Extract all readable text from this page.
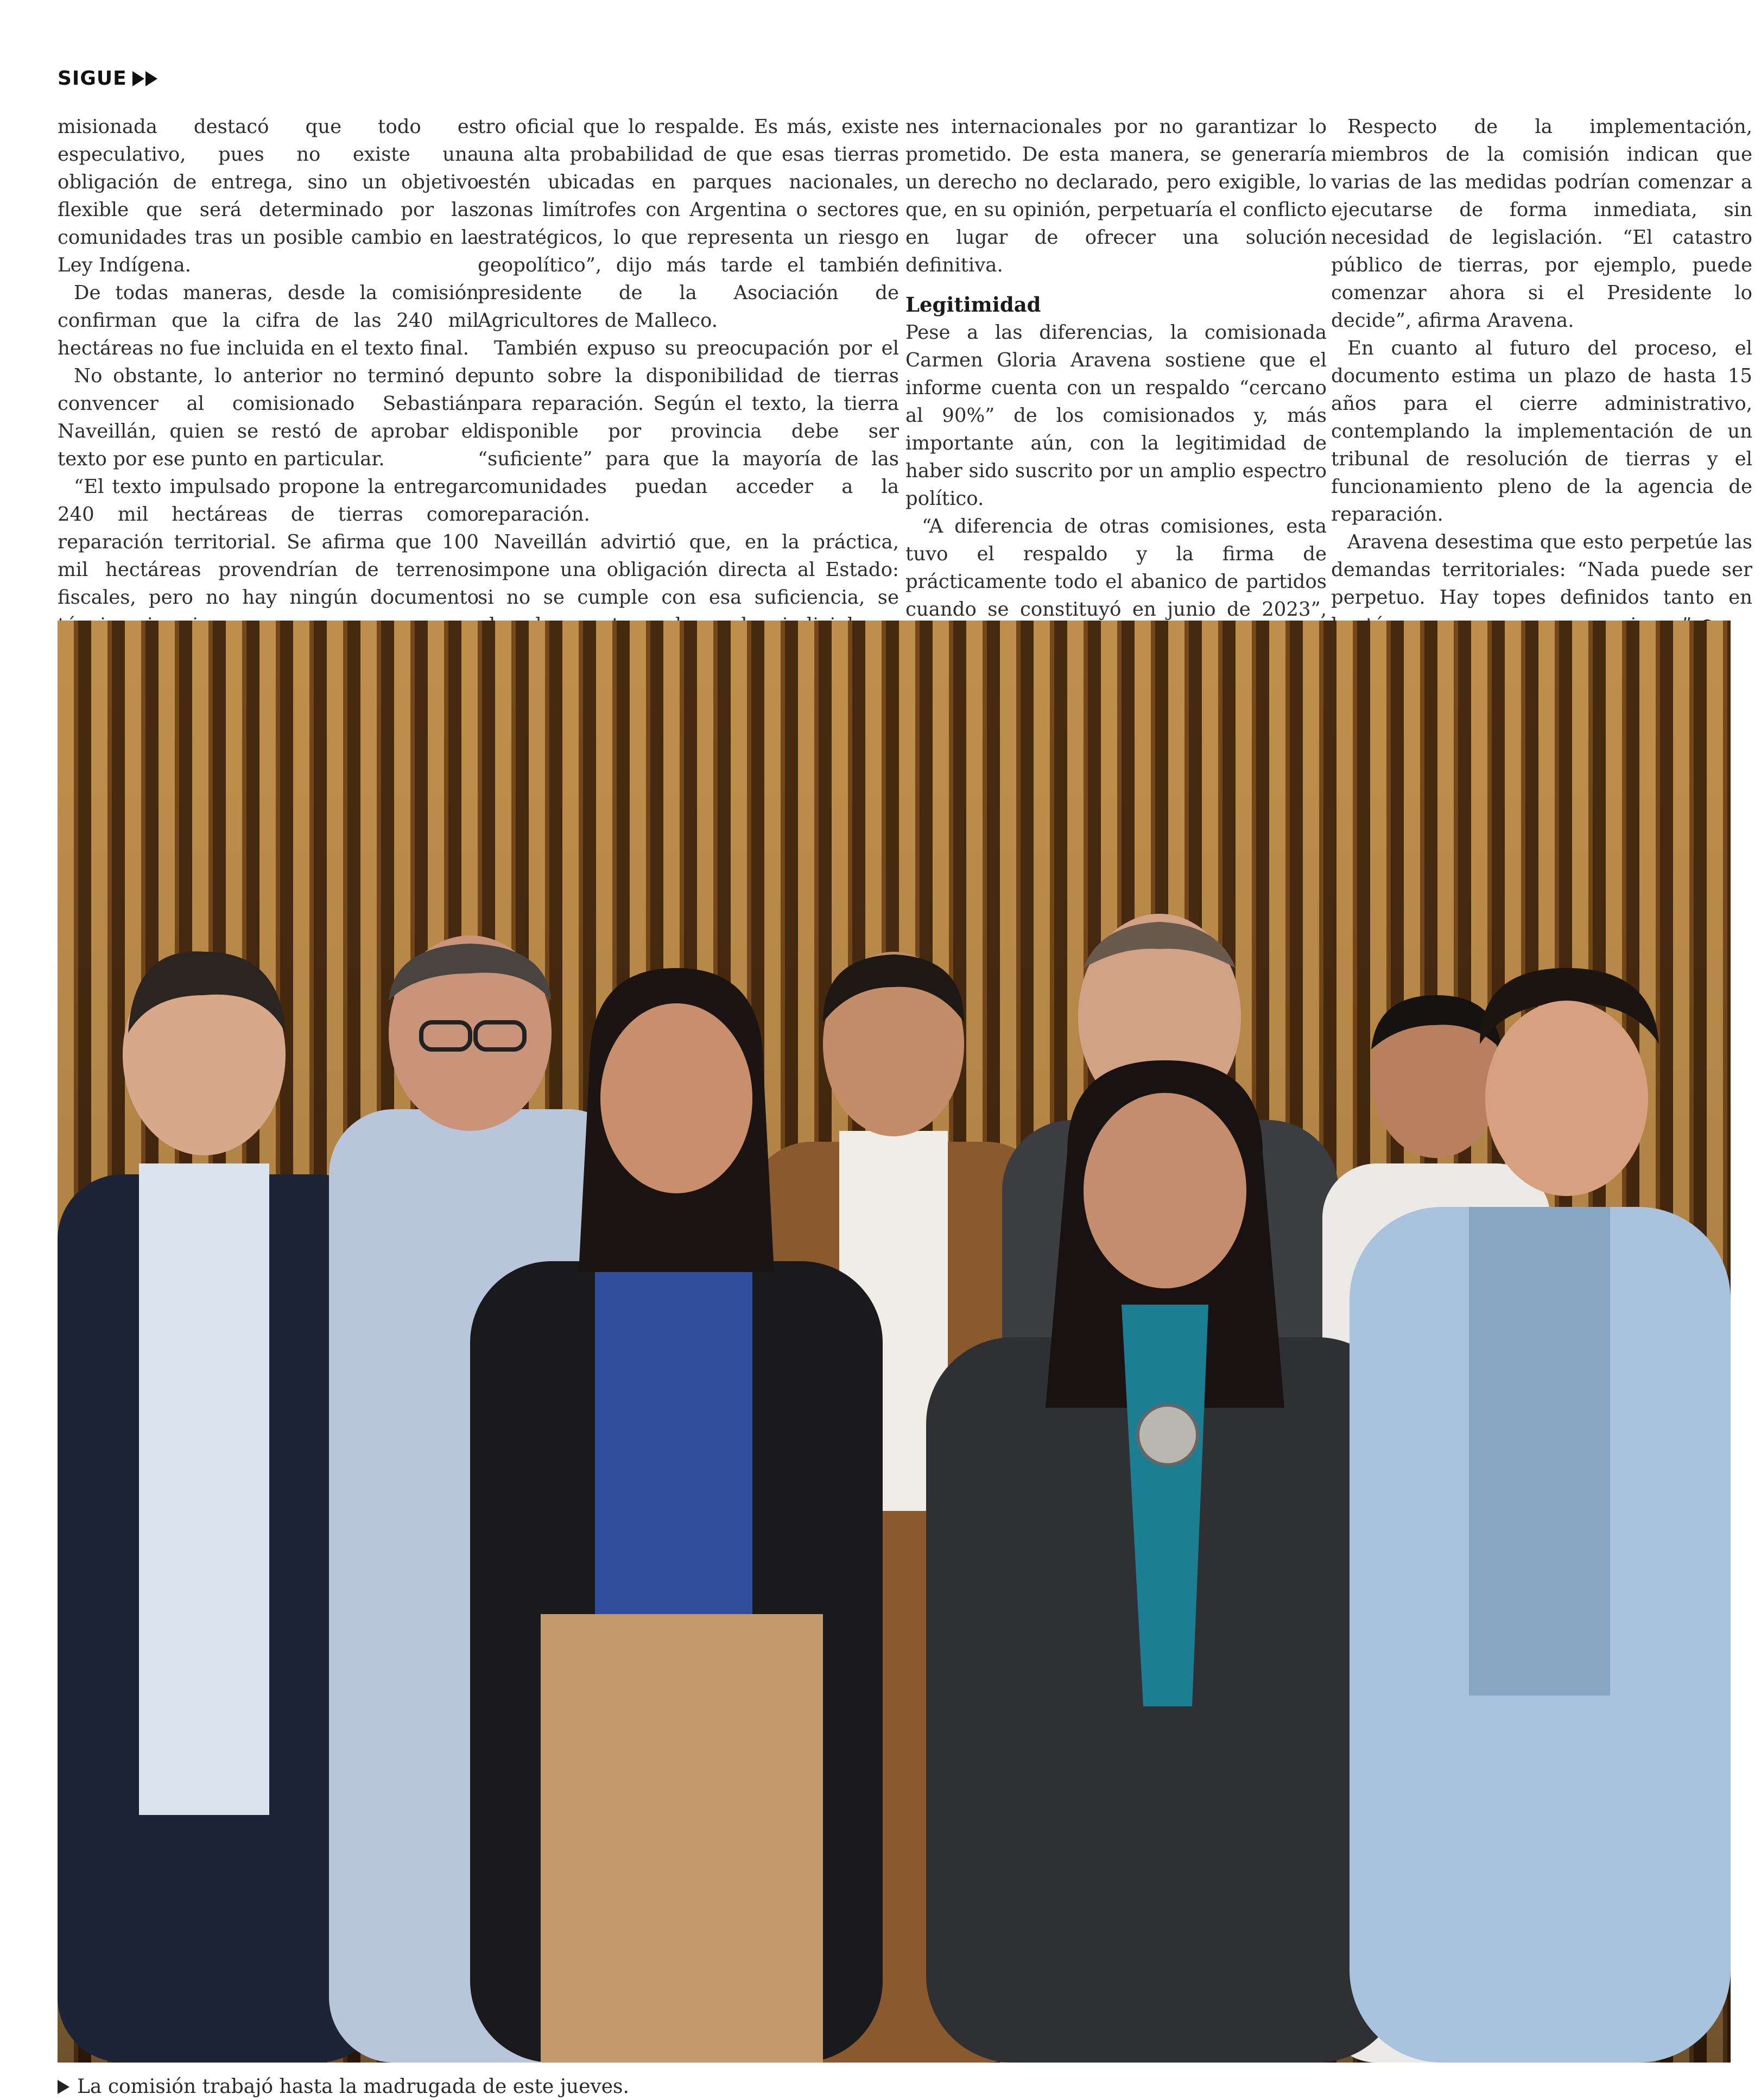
SIGUE

misionada destacó que todo es especulativo, pues no existe una obligación de entrega, sino un objetivo flexible que será determinado por las comunidades tras un posible cambio en la Ley Indígena.

De todas maneras, desde la comisión confirman que la cifra de las 240 mil hectáreas no fue incluida en el texto final.

No obstante, lo anterior no terminó de convencer al comisionado Sebastián Naveillán, quien se restó de aprobar el texto por ese punto en particular.

“El texto impulsado propone la entregar 240 mil hectáreas de tierras como reparación territorial. Se afirma que 100 mil hectáreas provendrían de terrenos fiscales, pero no hay ningún documento

tro oficial que lo respalde. Es más, existe una alta probabilidad de que esas tierras estén ubicadas en parques nacionales, zonas limítrofes con Argentina o sectores estratégicos, lo que representa un riesgo geopolítico”, dijo más tarde el también presidente de la Asociación de Agricultores de Malleco.

También expuso su preocupación por el punto sobre la disponibilidad de tierras para reparación. Según el texto, la tierra disponible por provincia debe ser “suficiente” para que la mayoría de las comunidades puedan acceder a la reparación.

Naveillán advirtió que, en la práctica, impone una obligación directa al Estado: si no se cumple con esa suficiencia, se

nes internacionales por no garantizar lo prometido. De esta manera, se generaría un derecho no declarado, pero exigible, lo que, en su opinión, perpetuaría el conflicto en lugar de ofrecer una solución definitiva.

Legitimidad

Pese a las diferencias, la comisionada Carmen Gloria Aravena sostiene que el informe cuenta con un respaldo “cercano al 90%” de los comisionados y, más importante aún, con la legitimidad de haber sido suscrito por un amplio espectro político.

“A diferencia de otras comisiones, esta tuvo el respaldo y la firma de prácticamente todo el abanico de partidos cuando se constituyó en junio de 2023”,

Respecto de la implementación, miembros de la comisión indican que varias de las medidas podrían comenzar a ejecutarse de forma inmediata, sin necesidad de legislación. “El catastro público de tierras, por ejemplo, puede comenzar ahora si el Presidente lo decide”, afirma Aravena.

En cuanto al futuro del proceso, el documento estima un plazo de hasta 15 años para el cierre administrativo, contemplando la implementación de un tribunal de resolución de tierras y el funcionamiento pleno de la agencia de reparación.

Aravena desestima que esto perpetúe las demandas territoriales: “Nada puede ser perpetuo. Hay topes definidos tanto en

La comisión trabajó hasta la madrugada de este jueves.
